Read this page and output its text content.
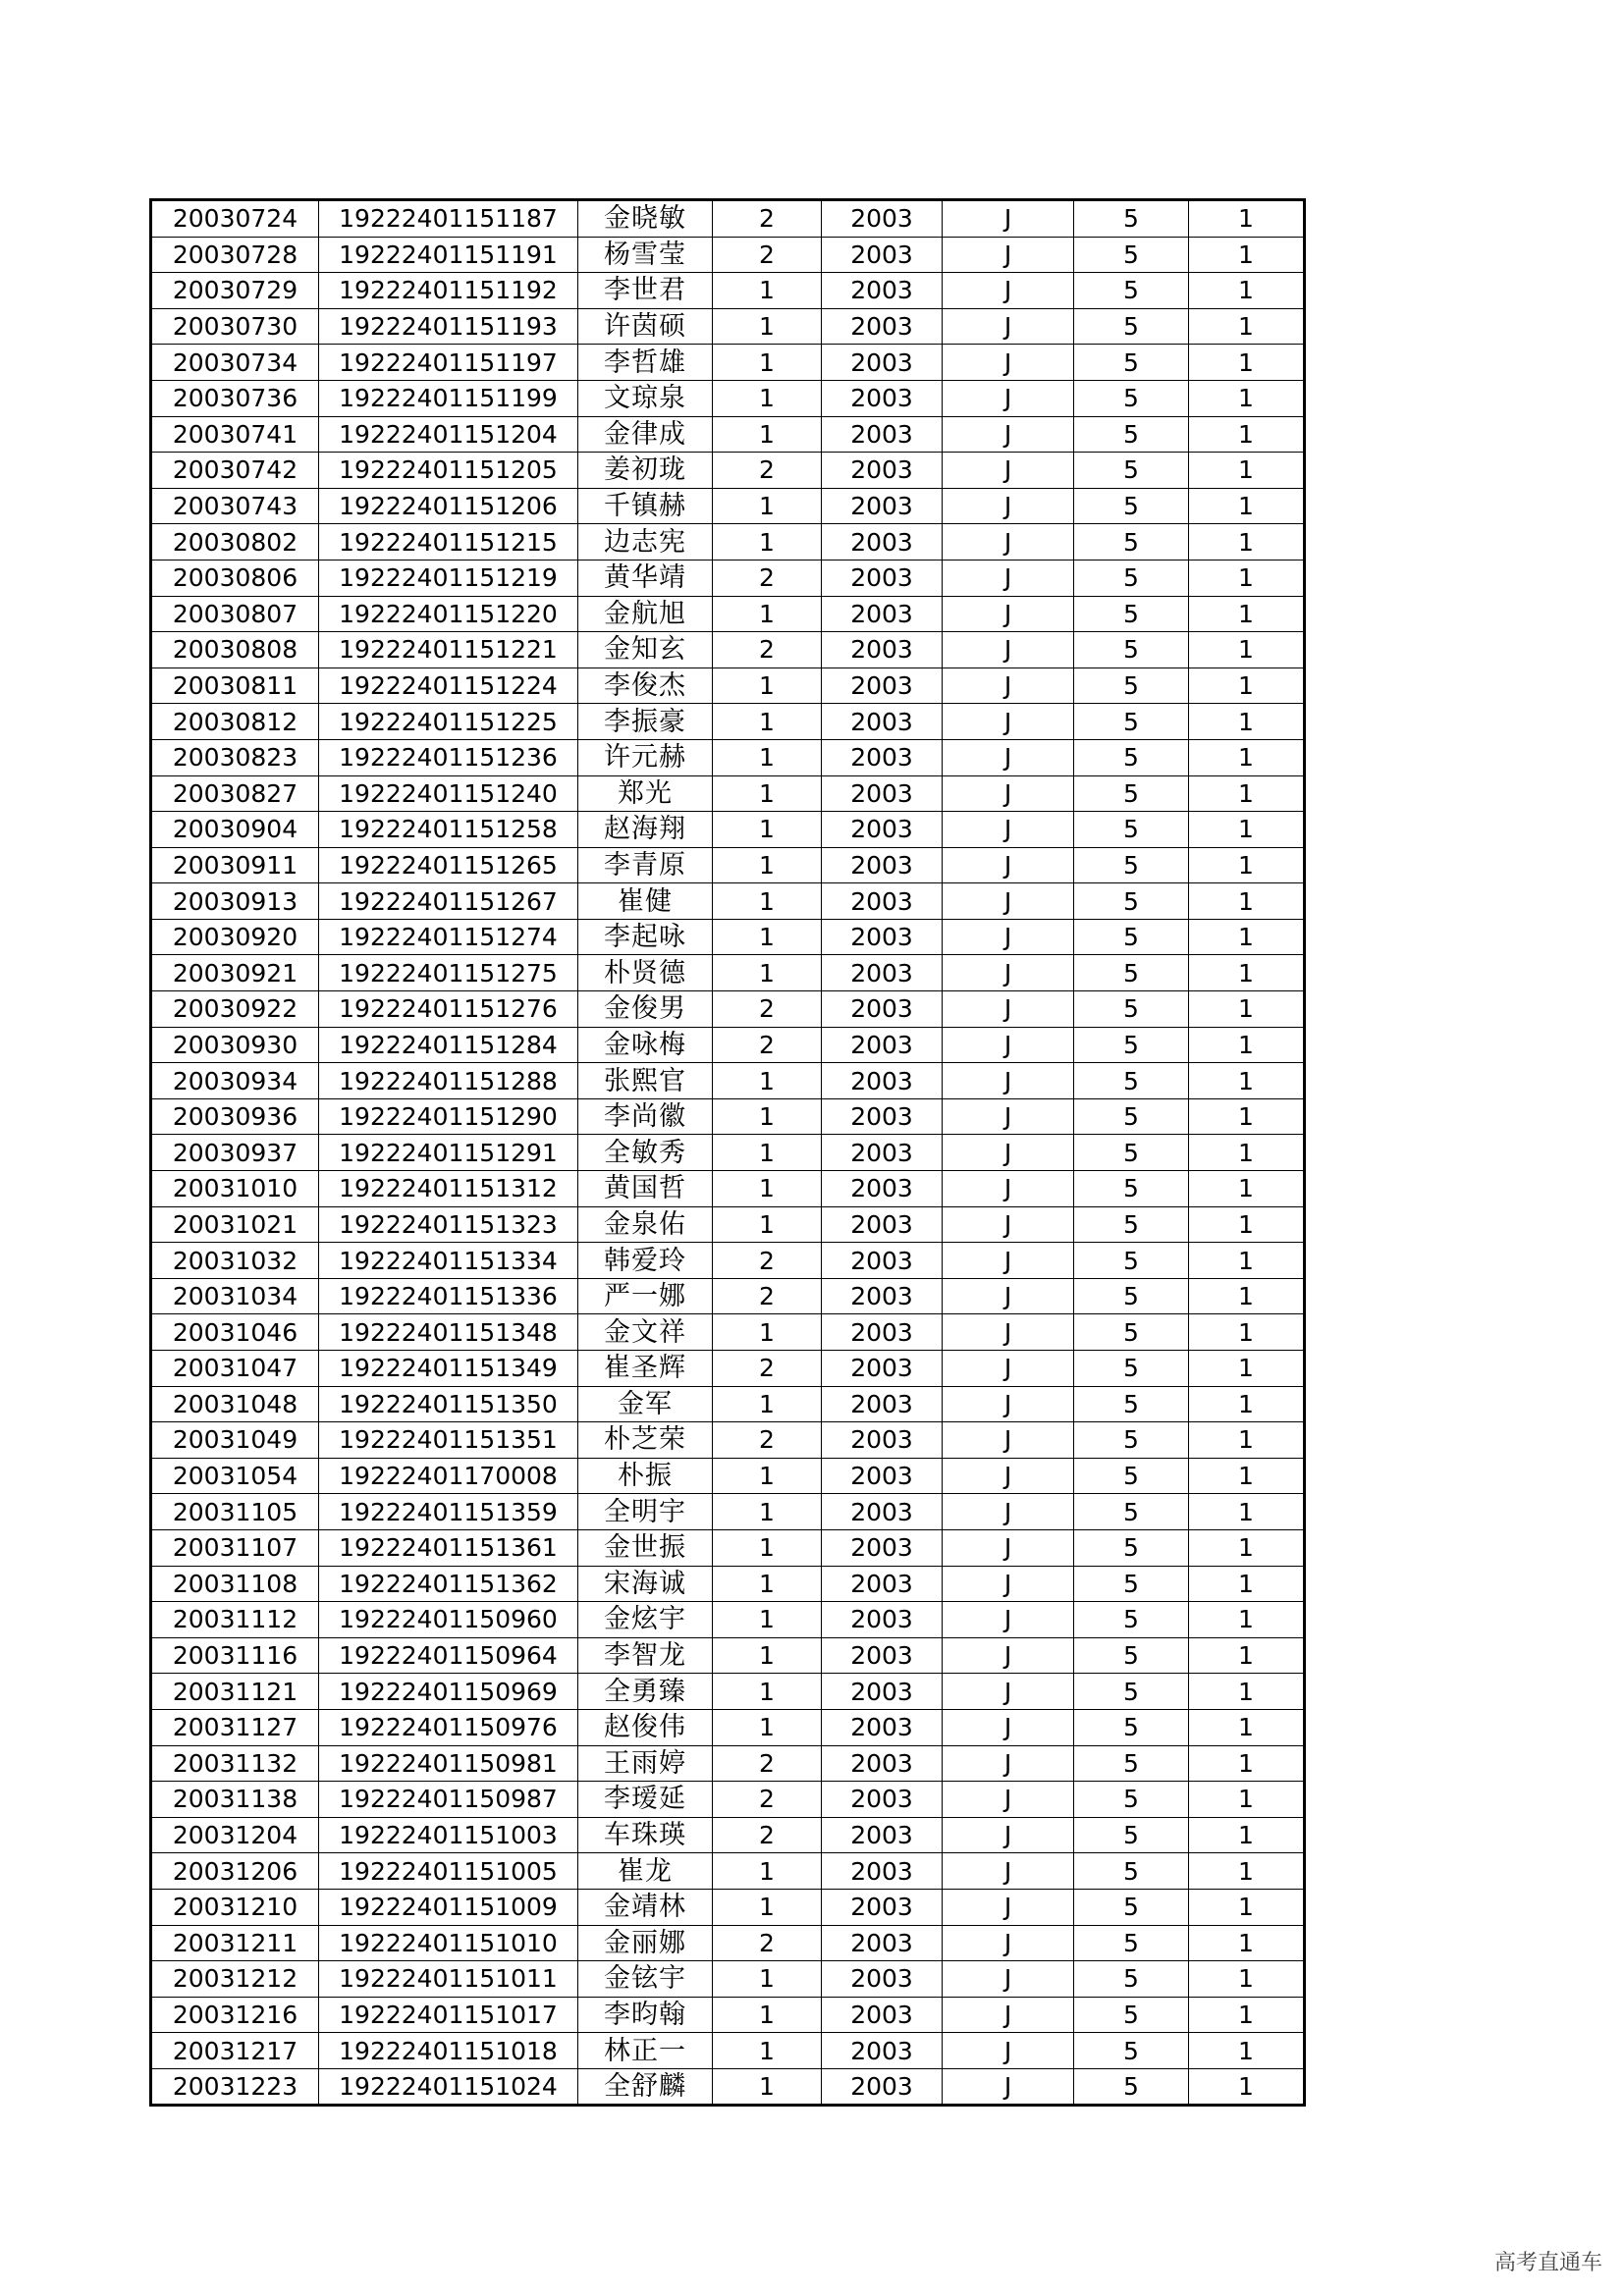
20030724	19222401151187	金晓敏	2	2003	J	5	1
20030728	19222401151191	杨雪莹	2	2003	J	5	1
20030729	19222401151192	李世君	1	2003	J	5	1
20030730	19222401151193	许茵硕	1	2003	J	5	1
20030734	19222401151197	李哲雄	1	2003	J	5	1
20030736	19222401151199	文琼泉	1	2003	J	5	1
20030741	19222401151204	金律成	1	2003	J	5	1
20030742	19222401151205	姜初珑	2	2003	J	5	1
20030743	19222401151206	千镇赫	1	2003	J	5	1
20030802	19222401151215	边志宪	1	2003	J	5	1
20030806	19222401151219	黄华靖	2	2003	J	5	1
20030807	19222401151220	金航旭	1	2003	J	5	1
20030808	19222401151221	金知玄	2	2003	J	5	1
20030811	19222401151224	李俊杰	1	2003	J	5	1
20030812	19222401151225	李振豪	1	2003	J	5	1
20030823	19222401151236	许元赫	1	2003	J	5	1
20030827	19222401151240	郑光	1	2003	J	5	1
20030904	19222401151258	赵海翔	1	2003	J	5	1
20030911	19222401151265	李青原	1	2003	J	5	1
20030913	19222401151267	崔健	1	2003	J	5	1
20030920	19222401151274	李起咏	1	2003	J	5	1
20030921	19222401151275	朴贤德	1	2003	J	5	1
20030922	19222401151276	金俊男	2	2003	J	5	1
20030930	19222401151284	金咏梅	2	2003	J	5	1
20030934	19222401151288	张熙官	1	2003	J	5	1
20030936	19222401151290	李尚徽	1	2003	J	5	1
20030937	19222401151291	全敏秀	1	2003	J	5	1
20031010	19222401151312	黄国哲	1	2003	J	5	1
20031021	19222401151323	金泉佑	1	2003	J	5	1
20031032	19222401151334	韩爱玲	2	2003	J	5	1
20031034	19222401151336	严一娜	2	2003	J	5	1
20031046	19222401151348	金文祥	1	2003	J	5	1
20031047	19222401151349	崔圣辉	2	2003	J	5	1
20031048	19222401151350	金军	1	2003	J	5	1
20031049	19222401151351	朴芝荣	2	2003	J	5	1
20031054	19222401170008	朴振	1	2003	J	5	1
20031105	19222401151359	全明宇	1	2003	J	5	1
20031107	19222401151361	金世振	1	2003	J	5	1
20031108	19222401151362	宋海诚	1	2003	J	5	1
20031112	19222401150960	金炫宇	1	2003	J	5	1
20031116	19222401150964	李智龙	1	2003	J	5	1
20031121	19222401150969	全勇臻	1	2003	J	5	1
20031127	19222401150976	赵俊伟	1	2003	J	5	1
20031132	19222401150981	王雨婷	2	2003	J	5	1
20031138	19222401150987	李瑷延	2	2003	J	5	1
20031204	19222401151003	车珠瑛	2	2003	J	5	1
20031206	19222401151005	崔龙	1	2003	J	5	1
20031210	19222401151009	金靖林	1	2003	J	5	1
20031211	19222401151010	金丽娜	2	2003	J	5	1
20031212	19222401151011	金铉宇	1	2003	J	5	1
20031216	19222401151017	李昀翰	1	2003	J	5	1
20031217	19222401151018	林正一	1	2003	J	5	1
20031223	19222401151024	全舒麟	1	2003	J	5	1
高考直通车
